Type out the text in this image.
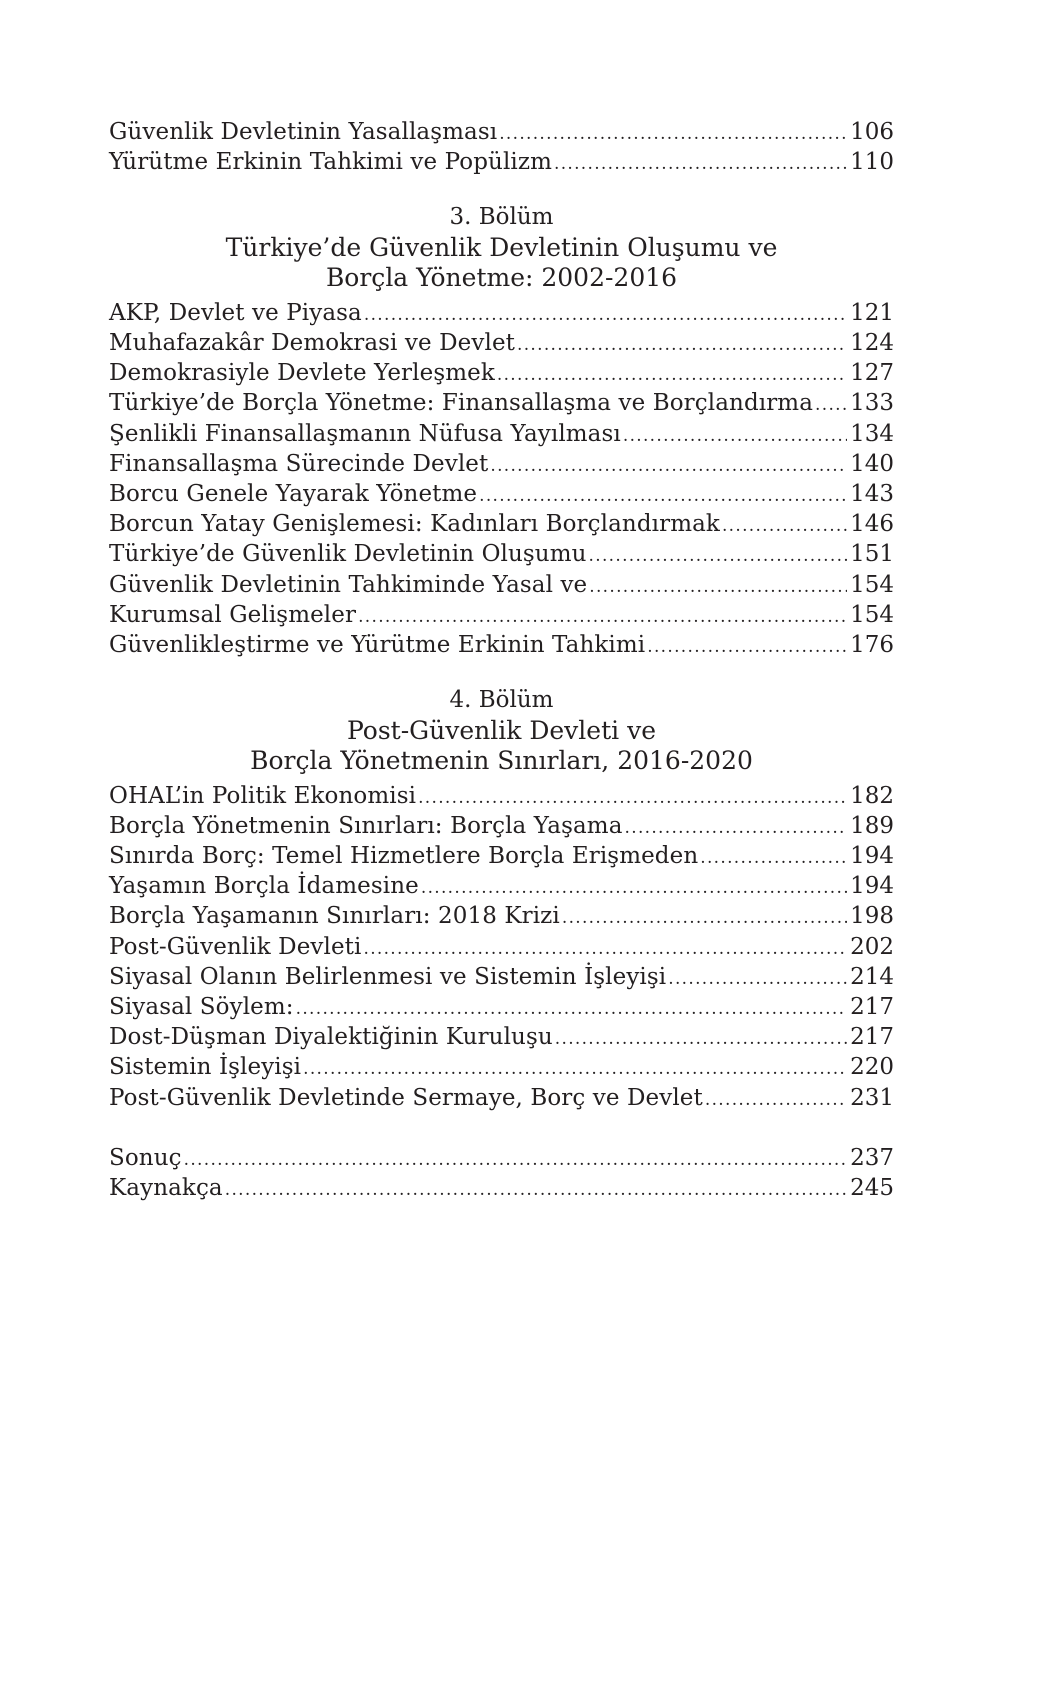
Güvenlik Devletinin Yasallaşması .....	106
Yürütme Erkinin Tahkimi ve Popülizm .....	110
3. Bölüm
Türkiye’de Güvenlik Devletinin Oluşumu ve
Borçla Yönetme: 2002-2016
AKP, Devlet ve Piyasa .....	121
Muhafazakâr Demokrasi ve Devlet .....	124
Demokrasiyle Devlete Yerleşmek .....	127
Türkiye’de Borçla Yönetme: Finansallaşma ve Borçlandırma ..... 133
Şenlikli Finansallaşmanın Nüfusa Yayılması .....	134
Finansallaşma Sürecinde Devlet .....	140
Borcu Genele Yayarak Yönetme .....	143
Borcun Yatay Genişlemesi: Kadınları Borçlandırmak .....	146
Türkiye’de Güvenlik Devletinin Oluşumu .....	151
Güvenlik Devletinin Tahkiminde Yasal ve .....	154
Kurumsal Gelişmeler .....	154
Güvenlikleştirme ve Yürütme Erkinin Tahkimi .....	176
4. Bölüm
Post-Güvenlik Devleti ve
Borçla Yönetmenin Sınırları, 2016-2020
OHAL’in Politik Ekonomisi .....	182
Borçla Yönetmenin Sınırları: Borçla Yaşama .....	189
Sınırda Borç: Temel Hizmetlere Borçla Erişmeden .....	194
Yaşamın Borçla İdamesine .....	194
Borçla Yaşamanın Sınırları: 2018 Krizi .....	198
Post-Güvenlik Devleti .....	202
Siyasal Olanın Belirlenmesi ve Sistemin İşleyişi .....	214
Siyasal Söylem: .....	217
Dost-Düşman Diyalektiğinin Kuruluşu .....	217
Sistemin İşleyişi .....	220
Post-Güvenlik Devletinde Sermaye, Borç ve Devlet .....	231
Sonuç .....	237
Kaynakça .....	245
